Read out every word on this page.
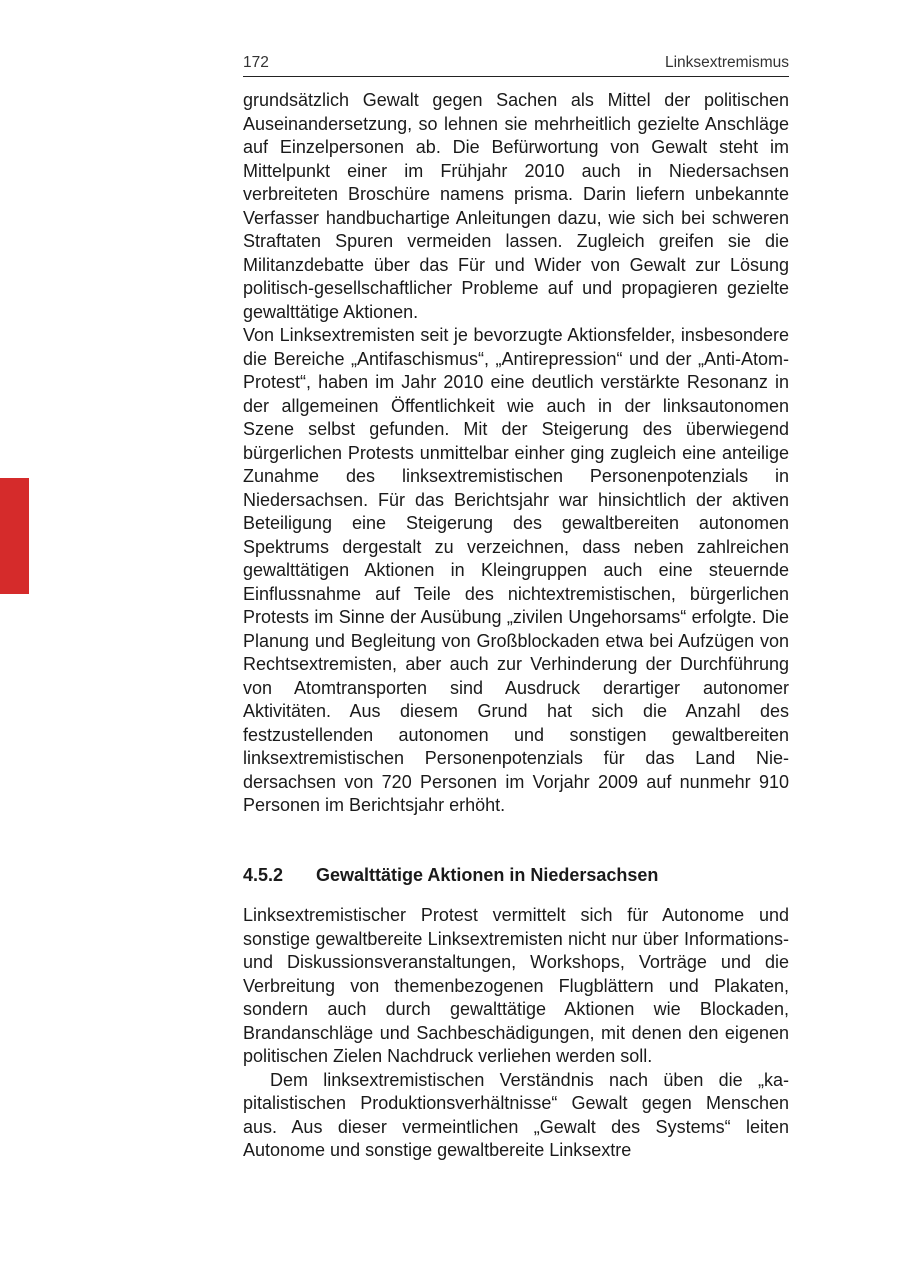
172	Linksextremismus

grundsätzlich Gewalt gegen Sachen als Mittel der politischen Auseinandersetzung, so lehnen sie mehrheitlich gezielte Anschläge auf Einzelpersonen ab. Die Befürwortung von Gewalt steht im Mittelpunkt einer im Frühjahr 2010 auch in Niedersachsen verbreiteten Broschüre namens prisma. Darin liefern unbekannte Verfasser handbuchartige Anleitungen dazu, wie sich bei schweren Straftaten Spuren vermeiden lassen. Zugleich greifen sie die Militanzdebatte über das Für und Wider von Gewalt zur Lösung politisch-gesellschaftlicher Probleme auf und propagieren gezielte gewalttätige Aktionen.

Von Linksextremisten seit je bevorzugte Aktionsfelder, insbesondere die Bereiche „Antifaschismus“, „Antirepression“ und der „Anti-Atom-Protest“, haben im Jahr 2010 eine deutlich verstärkte Resonanz in der allgemeinen Öffentlichkeit wie auch in der linksautonomen Szene selbst gefunden. Mit der Steigerung des überwiegend bürgerlichen Protests unmittelbar einher ging zugleich eine anteilige Zunahme des linksextremistischen Personenpotenzials in Niedersachsen. Für das Berichtsjahr war hinsichtlich der aktiven Beteiligung eine Steigerung des gewaltbereiten autonomen Spektrums dergestalt zu verzeichnen, dass neben zahlreichen gewalttätigen Aktionen in Kleingruppen auch eine steuernde Einflussnahme auf Teile des nichtextremistischen, bürgerlichen Protests im Sinne der Ausübung „zivilen Ungehorsams“ erfolgte. Die Planung und Begleitung von Großblockaden etwa bei Aufzügen von Rechtsextremisten, aber auch zur Verhinderung der Durchführung von Atomtransporten sind Ausdruck derartiger autonomer Aktivitäten. Aus diesem Grund hat sich die Anzahl des festzustellenden autonomen und sonstigen gewaltbereiten linksextremistischen Personenpotenzials für das Land Niedersachsen von 720 Personen im Vorjahr 2009 auf nunmehr 910 Personen im Berichtsjahr erhöht.

4.5.2	Gewalttätige Aktionen in Niedersachsen

Linksextremistischer Protest vermittelt sich für Autonome und sonstige gewaltbereite Linksextremisten nicht nur über Informations- und Diskussionsveranstaltungen, Workshops, Vorträge und die Verbreitung von themenbezogenen Flugblättern und Plakaten, sondern auch durch gewalttätige Aktionen wie Blockaden, Brandanschläge und Sachbeschädigungen, mit denen den eigenen politischen Zielen Nachdruck verliehen werden soll.

Dem linksextremistischen Verständnis nach üben die „kapitalistischen Produktionsverhältnisse“ Gewalt gegen Menschen aus. Aus dieser vermeintlichen „Gewalt des Systems“ leiten Autonome und sonstige gewaltbereite Linksextre
